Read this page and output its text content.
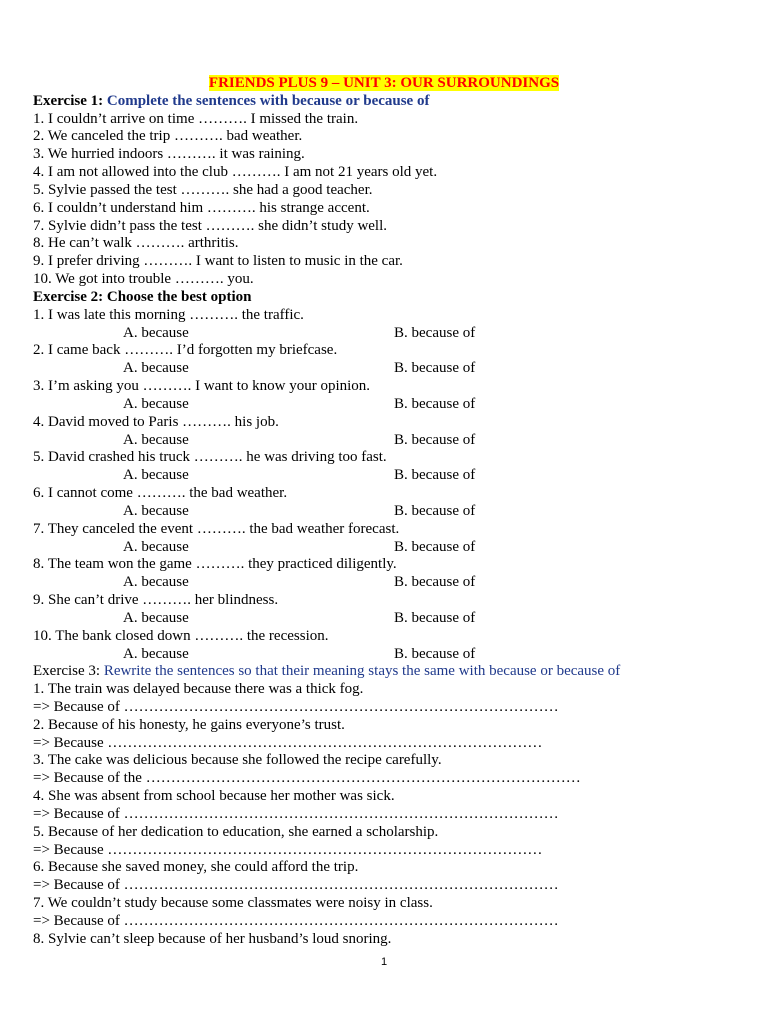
FRIENDS PLUS 9 – UNIT 3: OUR SURROUNDINGS
Exercise 1: Complete the sentences with because or because of
1. I couldn’t arrive on time ………. I missed the train.
2. We canceled the trip ………. bad weather.
3. We hurried indoors ………. it was raining.
4. I am not allowed into the club ………. I am not 21 years old yet.
5. Sylvie passed the test ………. she had a good teacher.
6. I couldn’t understand him ………. his strange accent.
7. Sylvie didn’t pass the test ………. she didn’t study well.
8. He can’t walk ………. arthritis.
9. I prefer driving ………. I want to listen to music in the car.
10. We got into trouble ………. you.
Exercise 2: Choose the best option
1. I was late this morning ………. the traffic.
A. because	B. because of
2. I came back ………. I’d forgotten my briefcase.
A. because	B. because of
3. I’m asking you ………. I want to know your opinion.
A. because	B. because of
4. David moved to Paris ………. his job.
A. because	B. because of
5. David crashed his truck ………. he was driving too fast.
A. because	B. because of
6. I cannot come ………. the bad weather.
A. because	B. because of
7. They canceled the event ………. the bad weather forecast.
A. because	B. because of
8. The team won the game ………. they practiced diligently.
A. because	B. because of
9. She can’t drive ………. her blindness.
A. because	B. because of
10. The bank closed down ………. the recession.
A. because	B. because of
Exercise 3: Rewrite the sentences so that their meaning stays the same with because or because of
1. The train was delayed because there was a thick fog.
=> Because of ……………………………………………………………………………
2. Because of his honesty, he gains everyone’s trust.
=> Because ……………………………………………………………………………
3. The cake was delicious because she followed the recipe carefully.
=> Because of the ……………………………………………………………………………
4. She was absent from school because her mother was sick.
=> Because of ……………………………………………………………………………
5. Because of her dedication to education, she earned a scholarship.
=> Because ……………………………………………………………………………
6. Because she saved money, she could afford the trip.
=> Because of ……………………………………………………………………………
7. We couldn’t study because some classmates were noisy in class.
=> Because of ……………………………………………………………………………
8. Sylvie can’t sleep because of her husband’s loud snoring.
1
